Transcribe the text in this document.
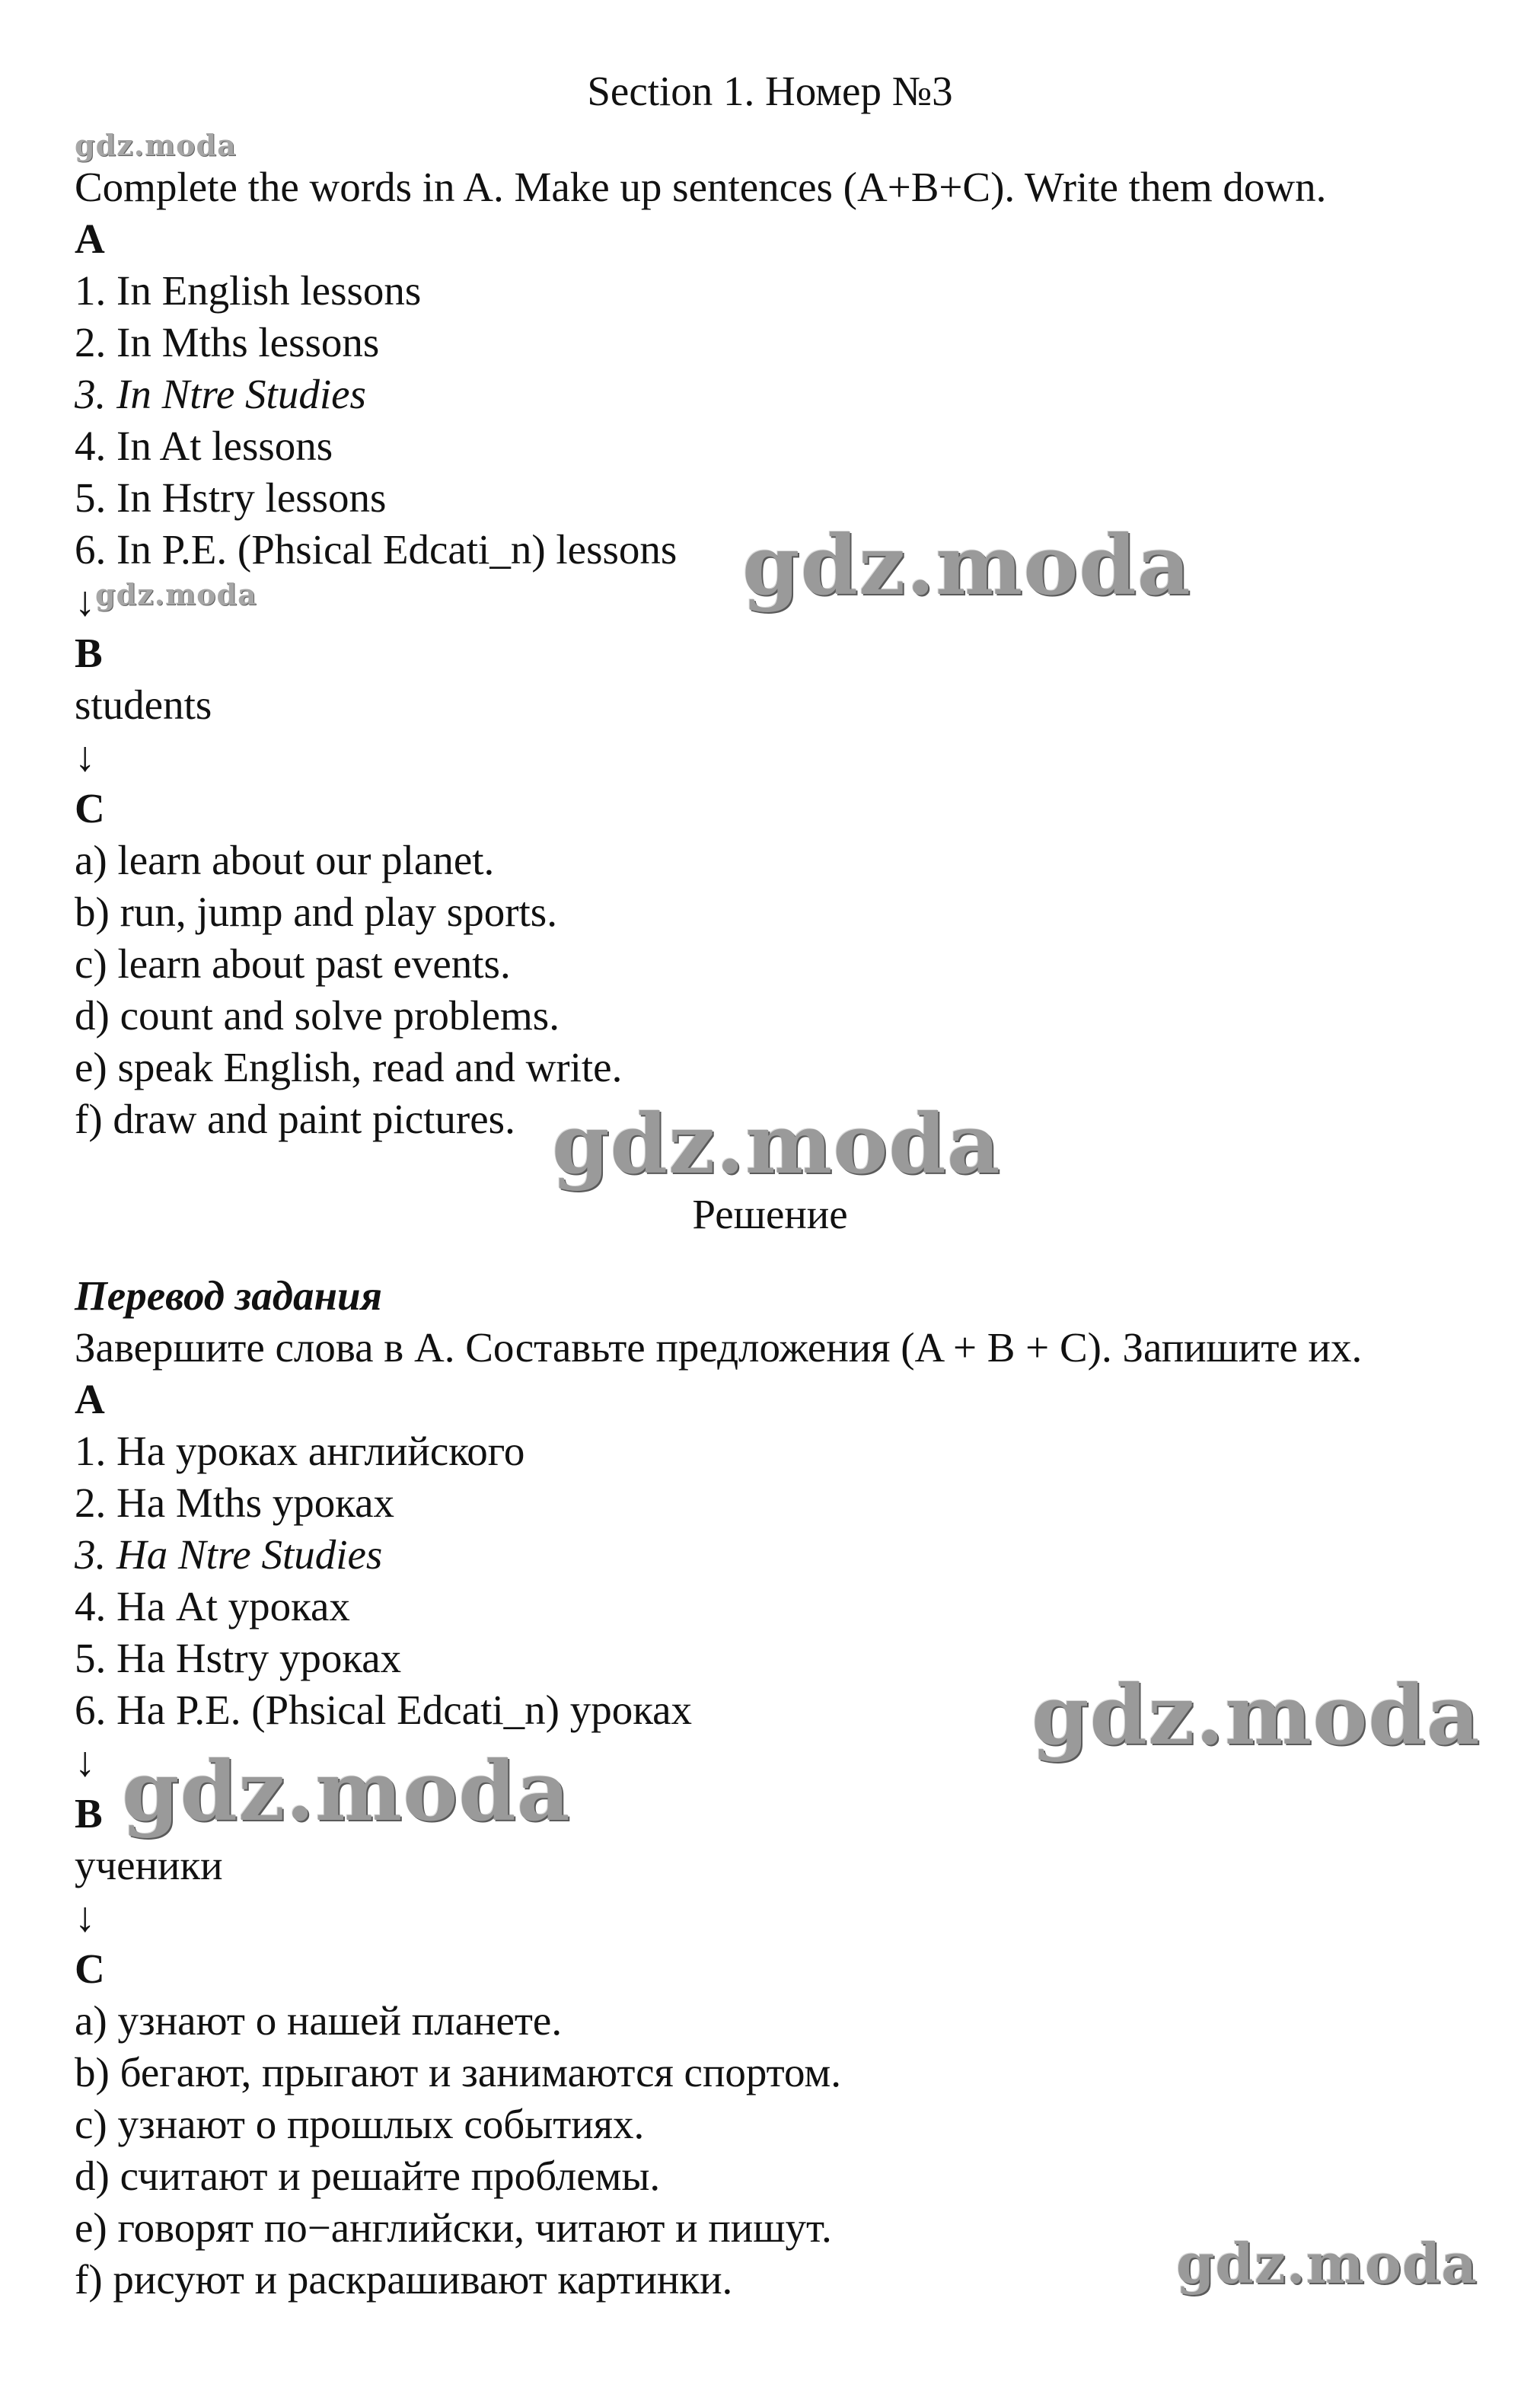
Section 1. Номер №3
gdz.moda
gdz.moda	gdz.moda
gdz.moda
gdz.moda
gdz.moda
gdz.moda
Complete the words in A. Make up sentences (A+B+C). Write them down.
A
1. In English lessons
2. In Mths lessons
3. In Ntre Studies
4. In At lessons
5. In Hstry lessons
6. In P.E. (Phsical Edcati_n) lessons
↓
B
students
↓
C
a) learn about our planet.
b) run, jump and play sports.
c) learn about past events.
d) count and solve problems.
e) speak English, read and write.
f) draw and paint pictures.
Решение
Перевод задания
Завершите слова в A. Составьте предложения (A + B + C). Запишите их.
A
1. На уроках английского
2. На Mths уроках
3. На Ntre Studies
4. На At уроках
5. На Hstry уроках
6. На P.E. (Phsical Edcati_n) уроках
↓
B
ученики
↓
C
a) узнают о нашей планете.
b) бегают, прыгают и занимаются спортом.
c) узнают о прошлых событиях.
d) считают и решайте проблемы.
e) говорят по−английски, читают и пишут.
f) рисуют и раскрашивают картинки.
